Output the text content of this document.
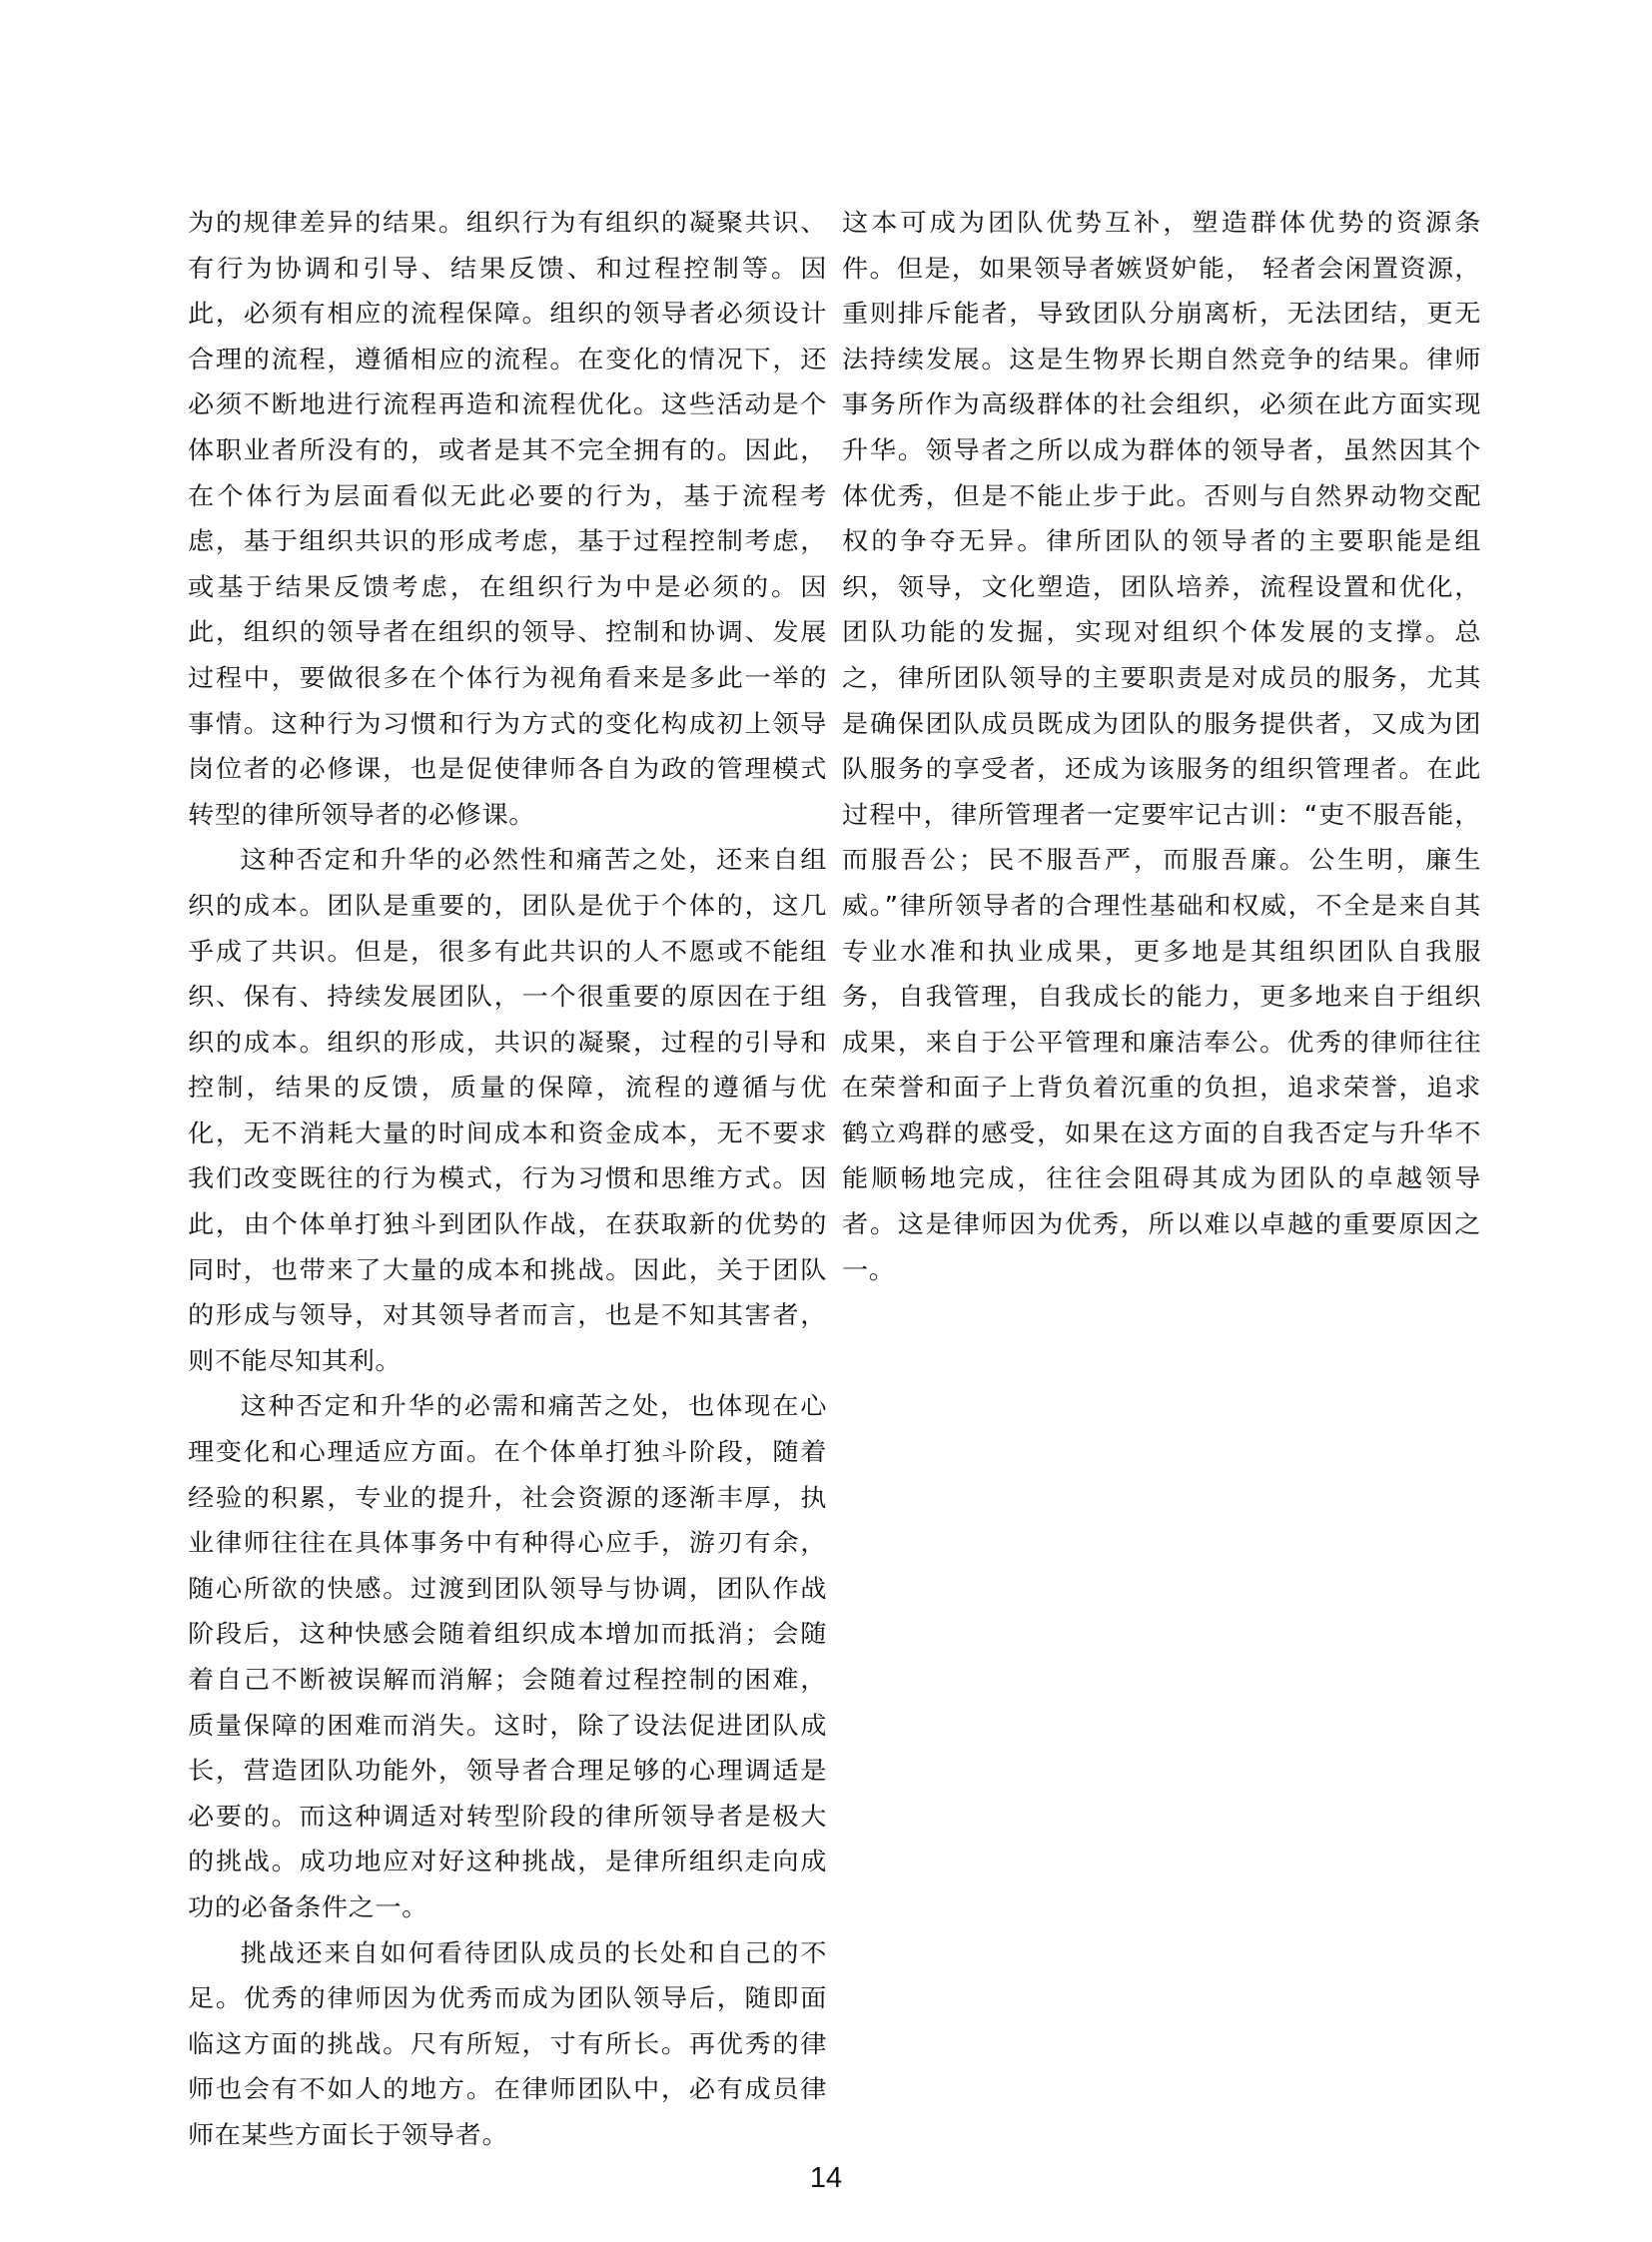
为的规律差异的结果。组织行为有组织的凝聚共识、有行为协调和引导、结果反馈、和过程控制等。因此，必须有相应的流程保障。组织的领导者必须设计合理的流程，遵循相应的流程。在变化的情况下，还必须不断地进行流程再造和流程优化。这些活动是个体职业者所没有的，或者是其不完全拥有的。因此，在个体行为层面看似无此必要的行为，基于流程考虑，基于组织共识的形成考虑，基于过程控制考虑，或基于结果反馈考虑，在组织行为中是必须的。因此，组织的领导者在组织的领导、控制和协调、发展过程中，要做很多在个体行为视角看来是多此一举的事情。这种行为习惯和行为方式的变化构成初上领导岗位者的必修课，也是促使律师各自为政的管理模式转型的律所领导者的必修课。

这种否定和升华的必然性和痛苦之处，还来自组织的成本。团队是重要的，团队是优于个体的，这几乎成了共识。但是，很多有此共识的人不愿或不能组织、保有、持续发展团队，一个很重要的原因在于组织的成本。组织的形成，共识的凝聚，过程的引导和控制，结果的反馈，质量的保障，流程的遵循与优化，无不消耗大量的时间成本和资金成本，无不要求我们改变既往的行为模式，行为习惯和思维方式。因此，由个体单打独斗到团队作战，在获取新的优势的同时，也带来了大量的成本和挑战。因此，关于团队的形成与领导，对其领导者而言，也是不知其害者，则不能尽知其利。

这种否定和升华的必需和痛苦之处，也体现在心理变化和心理适应方面。在个体单打独斗阶段，随着经验的积累，专业的提升，社会资源的逐渐丰厚，执业律师往往在具体事务中有种得心应手，游刃有余，随心所欲的快感。过渡到团队领导与协调，团队作战阶段后，这种快感会随着组织成本增加而抵消；会随着自己不断被误解而消解；会随着过程控制的困难，质量保障的困难而消失。这时，除了设法促进团队成长，营造团队功能外，领导者合理足够的心理调适是必要的。而这种调适对转型阶段的律所领导者是极大的挑战。成功地应对好这种挑战，是律所组织走向成功的必备条件之一。

挑战还来自如何看待团队成员的长处和自己的不足。优秀的律师因为优秀而成为团队领导后，随即面临这方面的挑战。尺有所短，寸有所长。再优秀的律师也会有不如人的地方。在律师团队中，必有成员律师在某些方面长于领导者。

这本可成为团队优势互补，塑造群体优势的资源条件。但是，如果领导者嫉贤妒能， 轻者会闲置资源，重则排斥能者，导致团队分崩离析，无法团结，更无法持续发展。这是生物界长期自然竞争的结果。律师事务所作为高级群体的社会组织，必须在此方面实现升华。领导者之所以成为群体的领导者，虽然因其个体优秀，但是不能止步于此。否则与自然界动物交配权的争夺无异。律所团队的领导者的主要职能是组织，领导，文化塑造，团队培养，流程设置和优化，团队功能的发掘，实现对组织个体发展的支撑。总之，律所团队领导的主要职责是对成员的服务，尤其是确保团队成员既成为团队的服务提供者，又成为团队服务的享受者，还成为该服务的组织管理者。在此过程中，律所管理者一定要牢记古训：“吏不服吾能，而服吾公；民不服吾严，而服吾廉。公生明，廉生威。”律所领导者的合理性基础和权威，不全是来自其专业水准和执业成果，更多地是其组织团队自我服务，自我管理，自我成长的能力，更多地来自于组织成果，来自于公平管理和廉洁奉公。优秀的律师往往在荣誉和面子上背负着沉重的负担，追求荣誉，追求鹤立鸡群的感受，如果在这方面的自我否定与升华不能顺畅地完成，往往会阻碍其成为团队的卓越领导者。这是律师因为优秀，所以难以卓越的重要原因之一。

14
